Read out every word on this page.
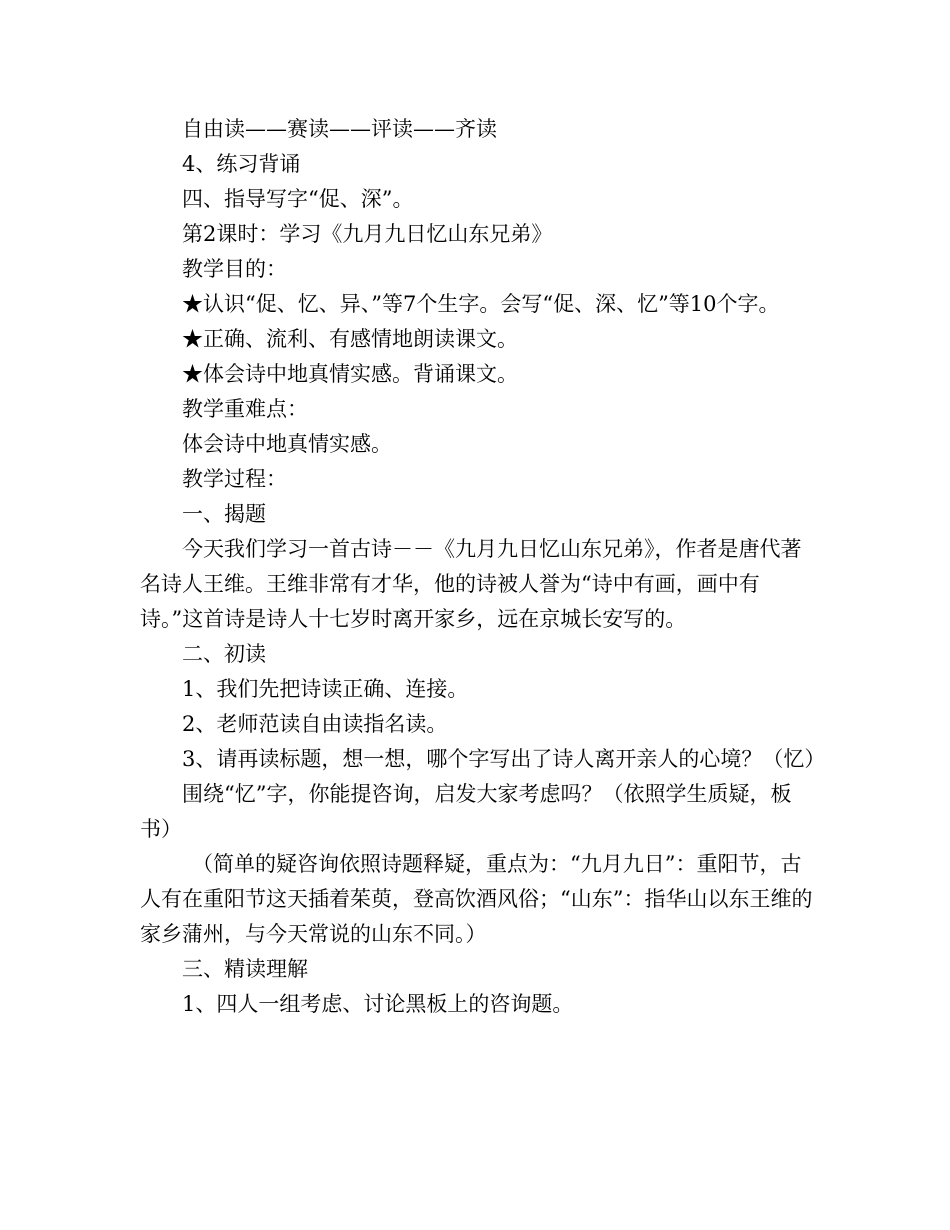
自由读——赛读——评读——齐读

4、练习背诵

四、指导写字“促、深”。

第2课时：学习《九月九日忆山东兄弟》

教学目的：

★认识“促、忆、异、”等7个生字。会写“促、深、忆”等10个字。

★正确、流利、有感情地朗读课文。

★体会诗中地真情实感。背诵课文。

教学重难点：

体会诗中地真情实感。

教学过程：

一、揭题

今天我们学习一首古诗－－《九月九日忆山东兄弟》，作者是唐代著名诗人王维。王维非常有才华，他的诗被人誉为“诗中有画，画中有诗。”这首诗是诗人十七岁时离开家乡，远在京城长安写的。

二、初读

1、我们先把诗读正确、连接。

2、老师范读自由读指名读。

3、请再读标题，想一想，哪个字写出了诗人离开亲人的心境？（忆）

围绕“忆”字，你能提咨询，启发大家考虑吗？（依照学生质疑，板书）

（简单的疑咨询依照诗题释疑，重点为：“九月九日”：重阳节，古人有在重阳节这天插着茱萸，登高饮酒风俗；“山东”：指华山以东王维的家乡蒲州，与今天常说的山东不同。）

三、精读理解

1、四人一组考虑、讨论黑板上的咨询题。
